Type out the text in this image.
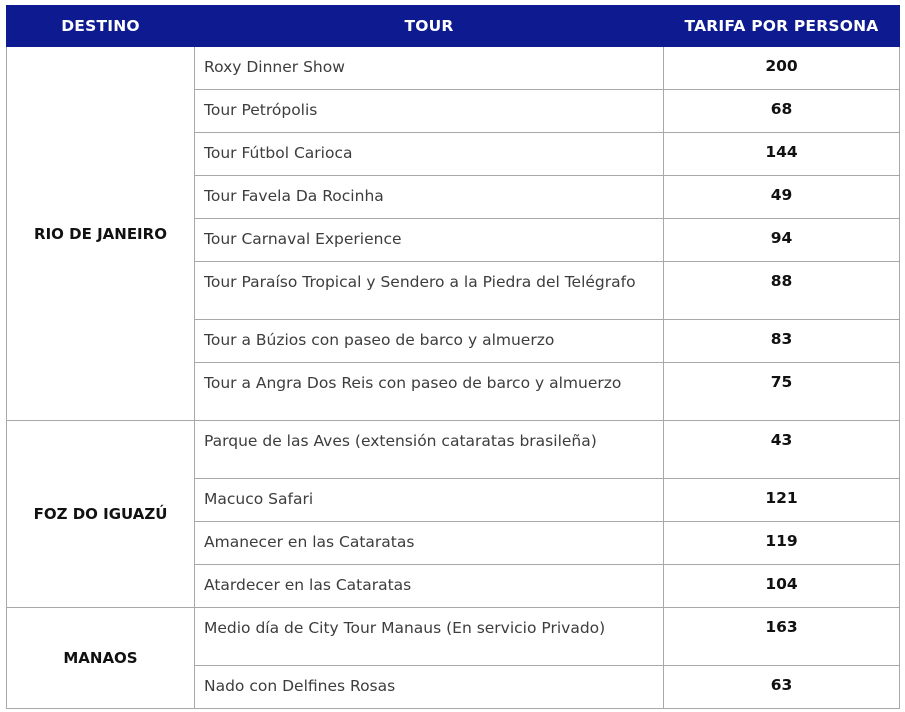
DESTINO	TOUR	TARIFA POR PERSONA
RIO DE JANEIRO	Roxy Dinner Show	200
	Tour Petrópolis	68
	Tour Fútbol Carioca	144
	Tour Favela Da Rocinha	49
	Tour Carnaval Experience	94
	Tour Paraíso Tropical y Sendero a la Piedra del Telégrafo	88
	Tour a Búzios con paseo de barco y almuerzo	83
	Tour a Angra Dos Reis con paseo de barco y almuerzo	75
FOZ DO IGUAZÚ	Parque de las Aves (extensión cataratas brasileña)	43
	Macuco Safari	121
	Amanecer en las Cataratas	119
	Atardecer en las Cataratas	104
MANAOS	Medio día de City Tour Manaus (En servicio Privado)	163
	Nado con Delfines Rosas	63
